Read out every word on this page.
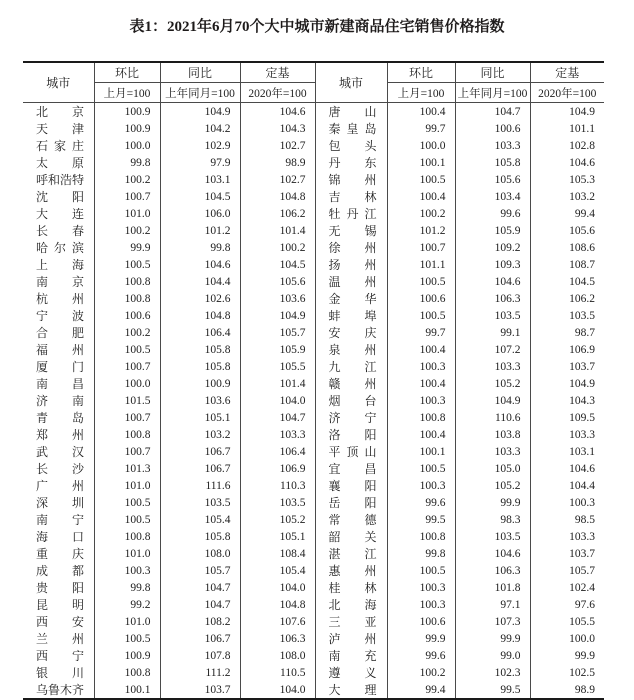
表1：2021年6月70个大中城市新建商品住宅销售价格指数
城市	环比	同比	定基	城市	环比	同比	定基
	上月=100	上年同月=100	2020年=100		上月=100	上年同月=100	2020年=100
北京	100.9	104.9	104.6	唐山	100.4	104.7	104.9
天津	100.9	104.2	104.3	秦皇岛	99.7	100.6	101.1
石家庄	100.0	102.9	102.7	包头	100.0	103.3	102.8
太原	99.8	97.9	98.9	丹东	100.1	105.8	104.6
呼和浩特	100.2	103.1	102.7	锦州	100.5	105.6	105.3
沈阳	100.7	104.5	104.8	吉林	100.4	103.4	103.2
大连	101.0	106.0	106.2	牡丹江	100.2	99.6	99.4
长春	100.2	101.2	101.4	无锡	101.2	105.9	105.6
哈尔滨	99.9	99.8	100.2	徐州	100.7	109.2	108.6
上海	100.5	104.6	104.5	扬州	101.1	109.3	108.7
南京	100.8	104.4	105.6	温州	100.5	104.6	104.5
杭州	100.8	102.6	103.6	金华	100.6	106.3	106.2
宁波	100.6	104.8	104.9	蚌埠	100.5	103.5	103.5
合肥	100.2	106.4	105.7	安庆	99.7	99.1	98.7
福州	100.5	105.8	105.9	泉州	100.4	107.2	106.9
厦门	100.7	105.8	105.5	九江	100.3	103.3	103.7
南昌	100.0	100.9	101.4	赣州	100.4	105.2	104.9
济南	101.5	103.6	104.0	烟台	100.3	104.9	104.3
青岛	100.7	105.1	104.7	济宁	100.8	110.6	109.5
郑州	100.8	103.2	103.3	洛阳	100.4	103.8	103.3
武汉	100.7	106.7	106.4	平顶山	100.1	103.3	103.1
长沙	101.3	106.7	106.9	宜昌	100.5	105.0	104.6
广州	101.0	111.6	110.3	襄阳	100.3	105.2	104.4
深圳	100.5	103.5	103.5	岳阳	99.6	99.9	100.3
南宁	100.5	105.4	105.2	常德	99.5	98.3	98.5
海口	100.8	105.8	105.1	韶关	100.8	103.5	103.3
重庆	101.0	108.0	108.4	湛江	99.8	104.6	103.7
成都	100.3	105.7	105.4	惠州	100.5	106.3	105.7
贵阳	99.8	104.7	104.0	桂林	100.3	101.8	102.4
昆明	99.2	104.7	104.8	北海	100.3	97.1	97.6
西安	101.0	108.2	107.6	三亚	100.6	107.3	105.5
兰州	100.5	106.7	106.3	泸州	99.9	99.9	100.0
西宁	100.9	107.8	108.0	南充	99.6	99.0	99.9
银川	100.8	111.2	110.5	遵义	100.2	102.3	102.5
乌鲁木齐	100.1	103.7	104.0	大理	99.4	99.5	98.9
